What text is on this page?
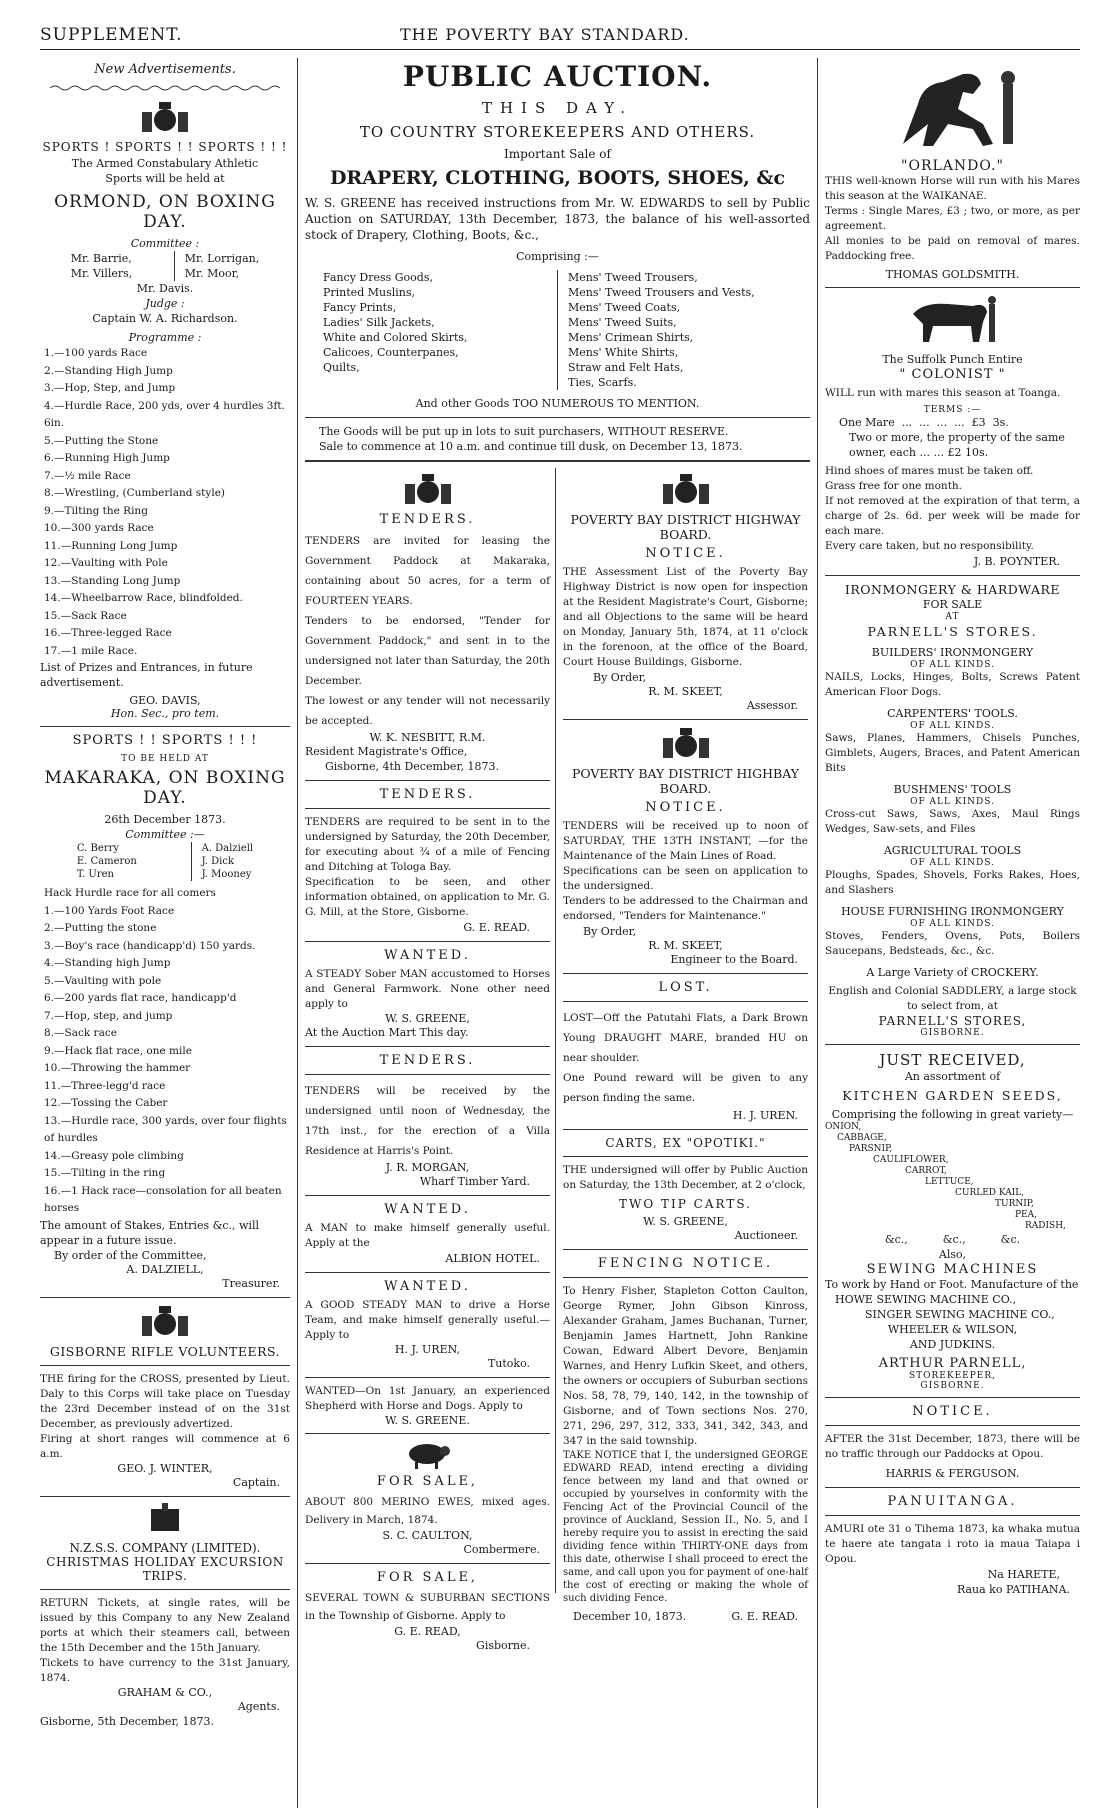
SUPPLEMENT.	THE POVERTY BAY STANDARD.
New Advertisements.
SPORTS ! SPORTS ! ! SPORTS ! ! !
The Armed Constabulary Athletic Sports will be held at
ORMOND, ON BOXING DAY.
Committee :
Mr. Barrie,
Mr. Villers,
Mr. Lorrigan,
Mr. Moor,
Mr. Davis.
Judge :
Captain W. A. Richardson.
Programme :
1.—100 yards Race
2.—Standing High Jump
3.—Hop, Step, and Jump
4.—Hurdle Race, 200 yds, over 4 hurdles 3ft. 6in.
5.—Putting the Stone
6.—Running High Jump
7.—½ mile Race
8.—Wrestling, (Cumberland style)
9.—Tilting the Ring
10.—300 yards Race
11.—Running Long Jump
12.—Vaulting with Pole
13.—Standing Long Jump
14.—Wheelbarrow Race, blindfolded.
15.—Sack Race
16.—Three-legged Race
17.—1 mile Race.
List of Prizes and Entrances, in future advertisement.
GEO. DAVIS,
Hon. Sec., pro tem.
SPORTS ! ! SPORTS ! ! !
TO BE HELD AT
MAKARAKA, ON BOXING DAY.
26th December 1873.
Committee :—
C. Berry
E. Cameron
T. Uren
A. Dalziell
J. Dick
J. Mooney
Hack Hurdle race for all comers
1.—100 Yards Foot Race
2.—Putting the stone
3.—Boy's race (handicapp'd) 150 yards.
4.—Standing high Jump
5.—Vaulting with pole
6.—200 yards flat race, handicapp'd
7.—Hop, step, and jump
8.—Sack race
9.—Hack flat race, one mile
10.—Throwing the hammer
11.—Three-legg'd race
12.—Tossing the Caber
13.—Hurdle race, 300 yards, over four flights of hurdles
14.—Greasy pole climbing
15.—Tilting in the ring
16.—1 Hack race—consolation for all beaten horses
The amount of Stakes, Entries &c., will appear in a future issue.
By order of the Committee,
A. DALZIELL,
Treasurer.
GISBORNE RIFLE VOLUNTEERS.
THE firing for the CROSS, presented by Lieut. Daly to this Corps will take place on Tuesday the 23rd December instead of on the 31st December, as previously advertized.
Firing at short ranges will commence at 6 a.m.
GEO. J. WINTER,
Captain.
N.Z.S.S. COMPANY (LIMITED).
CHRISTMAS HOLIDAY EXCURSION TRIPS.
RETURN Tickets, at single rates, will be issued by this Company to any New Zealand ports at which their steamers call, between the 15th December and the 15th January.
Tickets to have currency to the 31st January, 1874.
GRAHAM & CO.,
Agents.
Gisborne, 5th December, 1873.
PUBLIC AUCTION.
THIS DAY.
TO COUNTRY STOREKEEPERS AND OTHERS.
Important Sale of
DRAPERY, CLOTHING, BOOTS, SHOES, &c
W. S. GREENE has received instructions from Mr. W. EDWARDS to sell by Public Auction on SATURDAY, 13th December, 1873, the balance of his well-assorted stock of Drapery, Clothing, Boots, &c.,
Comprising :—
Fancy Dress Goods,
Printed Muslins,
Fancy Prints,
Ladies' Silk Jackets,
White and Colored Skirts,
Calicoes, Counterpanes,
Quilts,
Mens' Tweed Trousers,
Mens' Tweed Trousers and Vests,
Mens' Tweed Coats,
Mens' Tweed Suits,
Mens' Crimean Shirts,
Mens' White Shirts,
Straw and Felt Hats,
Ties, Scarfs.
And other Goods TOO NUMEROUS TO MENTION.
The Goods will be put up in lots to suit purchasers, WITHOUT RESERVE.
Sale to commence at 10 a.m. and continue till dusk, on December 13, 1873.
TENDERS.
TENDERS are invited for leasing the Government Paddock at Makaraka, containing about 50 acres, for a term of FOURTEEN YEARS.
Tenders to be endorsed, "Tender for Government Paddock," and sent in to the undersigned not later than Saturday, the 20th December.
The lowest or any tender will not necessarily be accepted.
W. K. NESBITT, R.M.
Resident Magistrate's Office,
Gisborne, 4th December, 1873.
TENDERS.
TENDERS are required to be sent in to the undersigned by Saturday, the 20th December, for executing about ¾ of a mile of Fencing and Ditching at Tologa Bay.
Specification to be seen, and other information obtained, on application to Mr. G. G. Mill, at the Store, Gisborne.
G. E. READ.
WANTED.
A STEADY Sober MAN accustomed to Horses and General Farmwork. None other need apply to
W. S. GREENE,
At the Auction Mart This day.
TENDERS.
TENDERS will be received by the undersigned until noon of Wednesday, the 17th inst., for the erection of a Villa Residence at Harris's Point.
J. R. MORGAN,
Wharf Timber Yard.
WANTED.
A MAN to make himself generally useful. Apply at the
ALBION HOTEL.
WANTED.
A GOOD STEADY MAN to drive a Horse Team, and make himself generally useful.—Apply to
H. J. UREN,
Tutoko.
WANTED—On 1st January, an experienced Shepherd with Horse and Dogs. Apply to
W. S. GREENE.
FOR SALE,
ABOUT 800 MERINO EWES, mixed ages. Delivery in March, 1874.
S. C. CAULTON,
Combermere.
FOR SALE,
SEVERAL TOWN & SUBURBAN SECTIONS in the Township of Gisborne. Apply to
G. E. READ,
Gisborne.
POVERTY BAY DISTRICT HIGHWAY BOARD.
NOTICE.
THE Assessment List of the Poverty Bay Highway District is now open for inspection at the Resident Magistrate's Court, Gisborne; and all Objections to the same will be heard on Monday, January 5th, 1874, at 11 o'clock in the forenoon, at the office of the Board, Court House Buildings, Gisborne.
By Order,
R. M. SKEET,
Assessor.
POVERTY BAY DISTRICT HIGHBAY BOARD.
NOTICE.
TENDERS will be received up to noon of SATURDAY, THE 13TH INSTANT, —for the Maintenance of the Main Lines of Road.
Specifications can be seen on application to the undersigned.
Tenders to be addressed to the Chairman and endorsed, "Tenders for Maintenance."
By Order,
R. M. SKEET,
Engineer to the Board.
LOST.
LOST—Off the Patutahi Flats, a Dark Brown Young DRAUGHT MARE, branded HU on near shoulder.
One Pound reward will be given to any person finding the same.
H. J. UREN.
CARTS, EX "OPOTIKI."
THE undersigned will offer by Public Auction on Saturday, the 13th December, at 2 o'clock,
TWO TIP CARTS.
W. S. GREENE,
Auctioneer.
FENCING NOTICE.
To Henry Fisher, Stapleton Cotton Caulton, George Rymer, John Gibson Kinross, Alexander Graham, James Buchanan, Turner, Benjamin James Hartnett, John Rankine Cowan, Edward Albert Devore, Benjamin Warnes, and Henry Lufkin Skeet, and others, the owners or occupiers of Suburban sections Nos. 58, 78, 79, 140, 142, in the township of Gisborne, and of Town sections Nos. 270, 271, 296, 297, 312, 333, 341, 342, 343, and 347 in the said township.
TAKE NOTICE that I, the undersigned GEORGE EDWARD READ, intend erecting a dividing fence between my land and that owned or occupied by yourselves in conformity with the Fencing Act of the Provincial Council of the province of Auckland, Session II., No. 5, and I hereby require you to assist in erecting the said dividing fence within THIRTY-ONE days from this date, otherwise I shall proceed to erect the same, and call upon you for payment of one-half the cost of erecting or making the whole of such dividing Fence.
December 10, 1873.	G. E. READ.
"ORLANDO."
THIS well-known Horse will run with his Mares this season at the WAIKANAE.
Terms : Single Mares, £3 ; two, or more, as per agreement.
All monies to be paid on removal of mares. Paddocking free.
THOMAS GOLDSMITH.
The Suffolk Punch Entire
" COLONIST "
WILL run with mares this season at Toanga.
TERMS :—
One Mare  ...  ...  ...  ...  £3  3s.
Two or more, the property of the same owner, each ... ... £2 10s.
Hind shoes of mares must be taken off.
Grass free for one month.
If not removed at the expiration of that term, a charge of 2s. 6d. per week will be made for each mare.
Every care taken, but no responsibility.
J. B. POYNTER.
IRONMONGERY & HARDWARE
FOR SALE
AT
PARNELL'S STORES.
BUILDERS' IRONMONGERY
OF ALL KINDS.
NAILS, Locks, Hinges, Bolts, Screws Patent American Floor Dogs.
CARPENTERS' TOOLS.
OF ALL KINDS.
Saws, Planes, Hammers, Chisels Punches, Gimblets, Augers, Braces, and Patent American Bits
BUSHMENS' TOOLS
OF ALL KINDS.
Cross-cut Saws, Saws, Axes, Maul Rings Wedges, Saw-sets, and Files
AGRICULTURAL TOOLS
OF ALL KINDS.
Ploughs, Spades, Shovels, Forks Rakes, Hoes, and Slashers
HOUSE FURNISHING IRONMONGERY
OF ALL KINDS.
Stoves, Fenders, Ovens, Pots, Boilers Saucepans, Bedsteads, &c., &c.
A Large Variety of CROCKERY.
English and Colonial SADDLERY, a large stock to select from, at
PARNELL'S STORES,
GISBORNE.
JUST RECEIVED,
An assortment of
KITCHEN GARDEN SEEDS,
Comprising the following in great variety—
ONION,
CABBAGE,
PARSNIP,
CAULIFLOWER,
CARROT,
LETTUCE,
CURLED KAIL,
TURNIP,
PEA,
RADISH,
&c.,          &c.,          &c.
Also,
SEWING MACHINES
To work by Hand or Foot. Manufacture of the
HOWE SEWING MACHINE CO.,
SINGER SEWING MACHINE CO.,
WHEELER & WILSON,
AND JUDKINS.
ARTHUR PARNELL,
STOREKEEPER,
GISBORNE.
NOTICE.
AFTER the 31st December, 1873, there will be no traffic through our Paddocks at Opou.
HARRIS & FERGUSON.
PANUITANGA.
AMURI ote 31 o Tihema 1873, ka whaka mutua te haere ate tangata i roto ia maua Taiapa i Opou.
Na HARETE,
Raua ko PATIHANA.
